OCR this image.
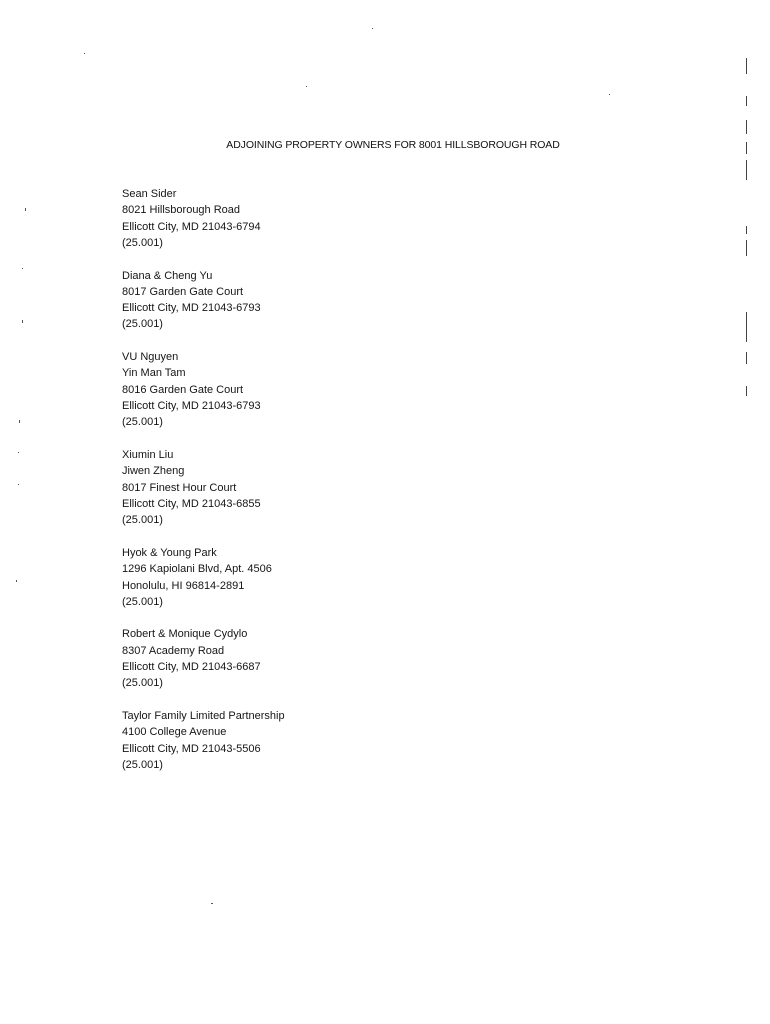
ADJOINING PROPERTY OWNERS FOR 8001 HILLSBOROUGH ROAD
Sean Sider
8021 Hillsborough Road
Ellicott City, MD 21043-6794
(25.001)
Diana & Cheng Yu
8017 Garden Gate Court
Ellicott City, MD 21043-6793
(25.001)
VU Nguyen
Yin Man Tam
8016 Garden Gate Court
Ellicott City, MD 21043-6793
(25.001)
Xiumin Liu
Jiwen Zheng
8017 Finest Hour Court
Ellicott City, MD 21043-6855
(25.001)
Hyok & Young Park
1296 Kapiolani Blvd, Apt. 4506
Honolulu, HI 96814-2891
(25.001)
Robert & Monique Cydylo
8307 Academy Road
Ellicott City, MD 21043-6687
(25.001)
Taylor Family Limited Partnership
4100 College Avenue
Ellicott City, MD 21043-5506
(25.001)
